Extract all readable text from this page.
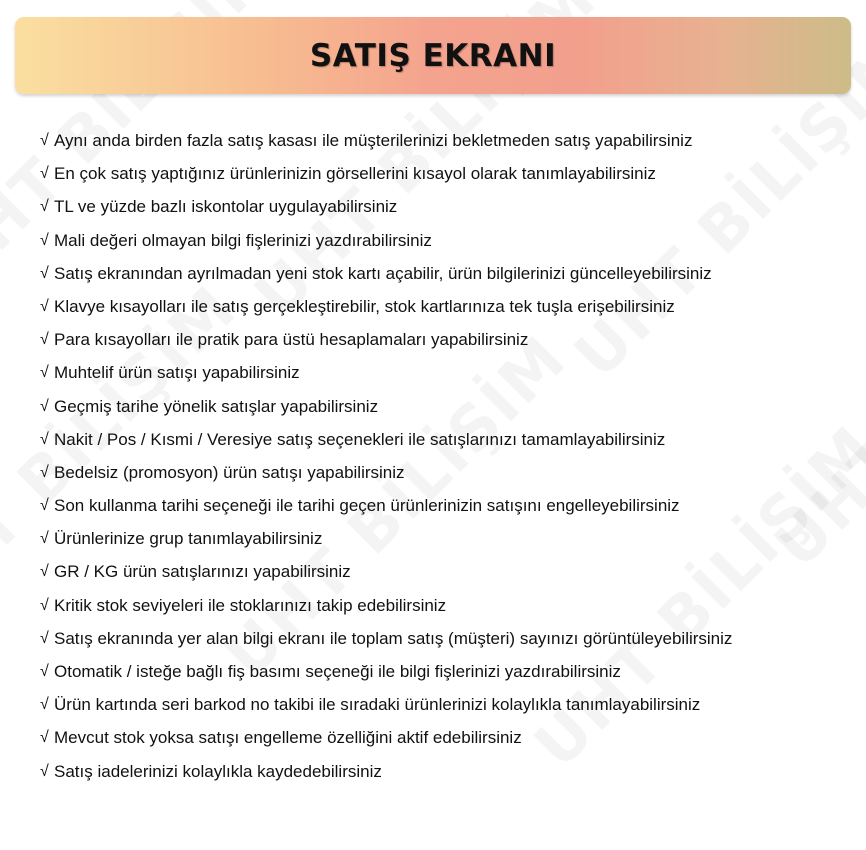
SATIŞ EKRANI
√ Aynı anda birden fazla satış kasası ile müşterilerinizi bekletmeden satış yapabilirsiniz
√ En çok satış yaptığınız ürünlerinizin görsellerini kısayol olarak tanımlayabilirsiniz
√ TL ve yüzde bazlı iskontolar uygulayabilirsiniz
√ Mali değeri olmayan bilgi fişlerinizi yazdırabilirsiniz
√ Satış ekranından ayrılmadan yeni stok kartı açabilir, ürün bilgilerinizi güncelleyebilirsiniz
√ Klavye kısayolları ile satış gerçekleştirebilir, stok kartlarınıza tek tuşla erişebilirsiniz
√ Para kısayolları ile pratik para üstü hesaplamaları yapabilirsiniz
√ Muhtelif ürün satışı yapabilirsiniz
√ Geçmiş tarihe yönelik satışlar yapabilirsiniz
√ Nakit / Pos / Kısmi / Veresiye satış seçenekleri ile satışlarınızı tamamlayabilirsiniz
√ Bedelsiz (promosyon) ürün satışı yapabilirsiniz
√ Son kullanma tarihi seçeneği ile tarihi geçen ürünlerinizin satışını engelleyebilirsiniz
√ Ürünlerinize grup tanımlayabilirsiniz
√ GR / KG ürün satışlarınızı yapabilirsiniz
√ Kritik stok seviyeleri ile stoklarınızı takip edebilirsiniz
√ Satış ekranında yer alan bilgi ekranı ile toplam satış (müşteri) sayınızı görüntüleyebilirsiniz
√ Otomatik / isteğe bağlı fiş basımı seçeneği ile bilgi fişlerinizi yazdırabilirsiniz
√ Ürün kartında seri barkod no takibi ile sıradaki ürünlerinizi kolaylıkla tanımlayabilirsiniz
√ Mevcut stok yoksa satışı engelleme özelliğini aktif edebilirsiniz
√ Satış iadelerinizi kolaylıkla kaydedebilirsiniz
